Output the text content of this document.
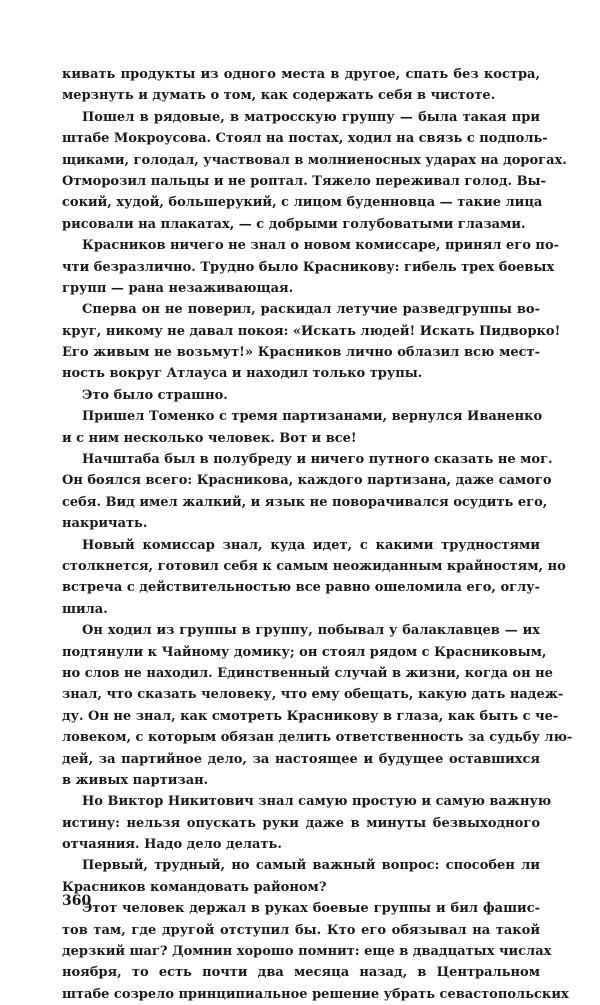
кивать продукты из одного места в другое, спать без костра,
мерзнуть и думать о том, как содержать себя в чистоте.
Пошел в рядовые, в матросскую группу — была такая при
штабе Мокроусова. Стоял на постах, ходил на связь с подполь-
щиками, голодал, участвовал в молниеносных ударах на дорогах.
Отморозил пальцы и не роптал. Тяжело переживал голод. Вы-
сокий, худой, большерукий, с лицом буденновца — такие лица
рисовали на плакатах, — с добрыми голубоватыми глазами.
Красников ничего не знал о новом комиссаре, принял его по-
чти безразлично. Трудно было Красникову: гибель трех боевых
групп — рана незаживающая.
Сперва он не поверил, раскидал летучие разведгруппы во-
круг, никому не давал покоя: «Искать людей! Искать Пидворко!
Его живым не возьмут!» Красников лично облазил всю мест-
ность вокруг Атлауса и находил только трупы.
Это было страшно.
Пришел Томенко с тремя партизанами, вернулся Иваненко
и с ним несколько человек. Вот и все!
Начштаба был в полубреду и ничего путного сказать не мог.
Он боялся всего: Красникова, каждого партизана, даже самого
себя. Вид имел жалкий, и язык не поворачивался осудить его,
накричать.
Новый комиссар знал, куда идет, с какими трудностями
столкнется, готовил себя к самым неожиданным крайностям, но
встреча с действительностью все равно ошеломила его, оглу-
шила.
Он ходил из группы в группу, побывал у балаклавцев — их
подтянули к Чайному домику; он стоял рядом с Красниковым,
но слов не находил. Единственный случай в жизни, когда он не
знал, что сказать человеку, что ему обещать, какую дать надеж-
ду. Он не знал, как смотреть Красникову в глаза, как быть с че-
ловеком, с которым обязан делить ответственность за судьбу лю-
дей, за партийное дело, за настоящее и будущее оставшихся
в живых партизан.
Но Виктор Никитович знал самую простую и самую важную
истину: нельзя опускать руки даже в минуты безвыходного
отчаяния. Надо дело делать.
Первый, трудный, но самый важный вопрос: способен ли
Красников командовать районом?
Этот человек держал в руках боевые группы и бил фашис-
тов там, где другой отступил бы. Кто его обязывал на такой
дерзкий шаг? Домнин хорошо помнит: еще в двадцатых числах
ноября, то есть почти два месяца назад, в Центральном
штабе созрело принципиальное решение убрать севастопольских
360
